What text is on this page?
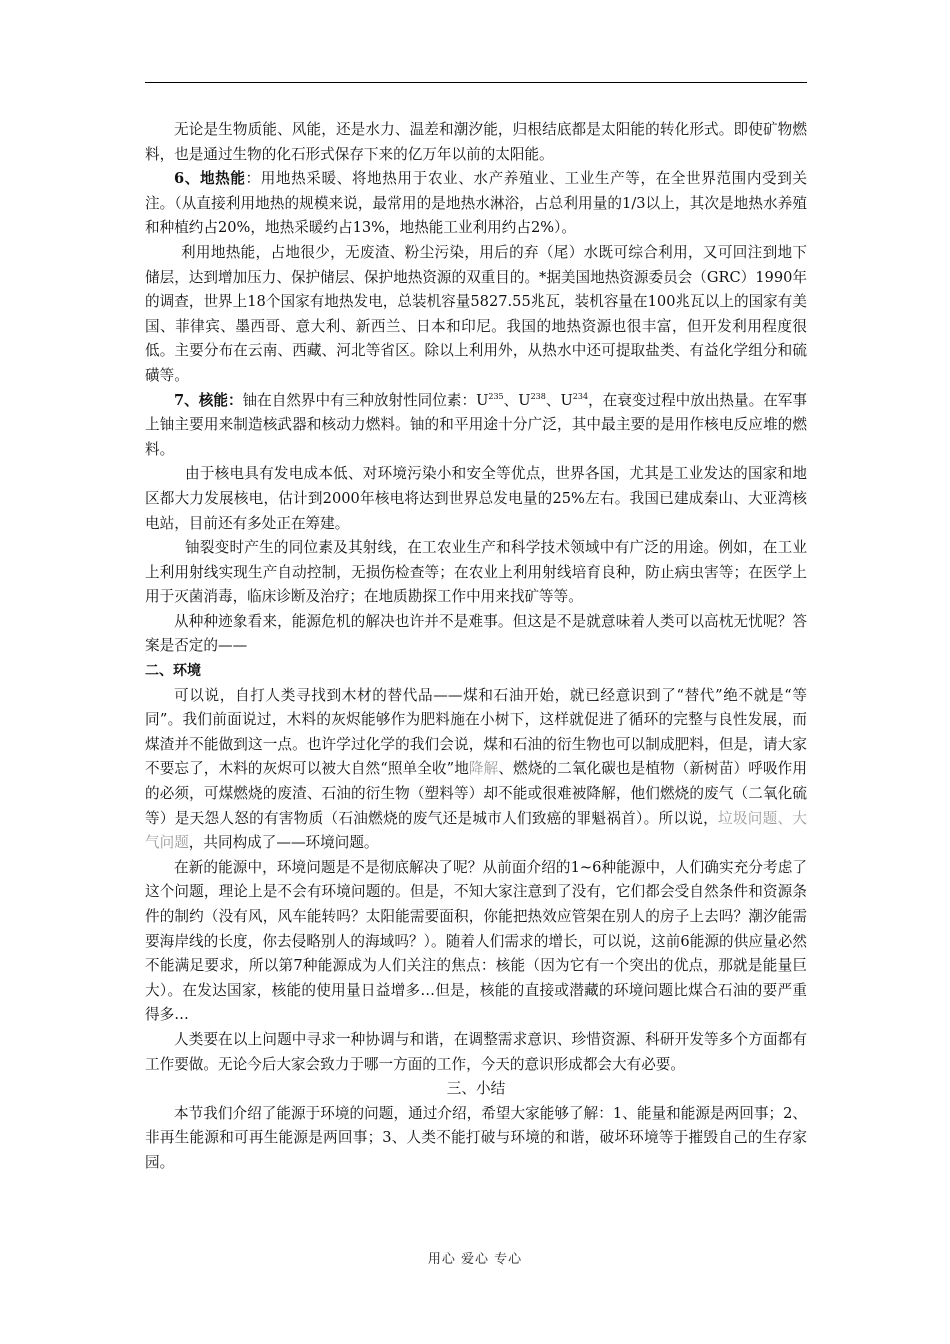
无论是生物质能、风能，还是水力、温差和潮汐能，归根结底都是太阳能的转化形式。即使矿物燃料，也是通过生物的化石形式保存下来的亿万年以前的太阳能。

6、地热能：用地热采暖、将地热用于农业、水产养殖业、工业生产等，在全世界范围内受到关注。（从直接利用地热的规模来说，最常用的是地热水淋浴，占总利用量的1/3以上，其次是地热水养殖和种植约占20%，地热采暖约占13%，地热能工业利用约占2%）。

利用地热能，占地很少，无废渣、粉尘污染，用后的弃（尾）水既可综合利用，又可回注到地下储层，达到增加压力、保护储层、保护地热资源的双重目的。*据美国地热资源委员会（GRC）1990年的调查，世界上18个国家有地热发电，总装机容量5827.55兆瓦，装机容量在100兆瓦以上的国家有美国、菲律宾、墨西哥、意大利、新西兰、日本和印尼。我国的地热资源也很丰富，但开发利用程度很低。主要分布在云南、西藏、河北等省区。除以上利用外，从热水中还可提取盐类、有益化学组分和硫磺等。

7、核能：铀在自然界中有三种放射性同位素：$U^{235}$、$U^{238}$、$U^{234}$，在衰变过程中放出热量。在军事上铀主要用来制造核武器和核动力燃料。铀的和平用途十分广泛，其中最主要的是用作核电反应堆的燃料。

由于核电具有发电成本低、对环境污染小和安全等优点，世界各国，尤其是工业发达的国家和地区都大力发展核电，估计到2000年核电将达到世界总发电量的25%左右。我国已建成秦山、大亚湾核电站，目前还有多处正在筹建。

铀裂变时产生的同位素及其射线，在工农业生产和科学技术领域中有广泛的用途。例如，在工业上利用射线实现生产自动控制，无损伤检查等；在农业上利用射线培育良种，防止病虫害等；在医学上用于灭菌消毒，临床诊断及治疗；在地质勘探工作中用来找矿等等。

从种种迹象看来，能源危机的解决也许并不是难事。但这是不是就意味着人类可以高枕无忧呢？答案是否定的——

二、环境

可以说，自打人类寻找到木材的替代品——煤和石油开始，就已经意识到了“替代”绝不就是“等同”。我们前面说过，木料的灰烬能够作为肥料施在小树下，这样就促进了循环的完整与良性发展，而煤渣并不能做到这一点。也许学过化学的我们会说，煤和石油的衍生物也可以制成肥料，但是，请大家不要忘了，木料的灰烬可以被大自然“照单全收”地降解、燃烧的二氧化碳也是植物（新树苗）呼吸作用的必须，可煤燃烧的废渣、石油的衍生物（塑料等）却不能或很难被降解，他们燃烧的废气（二氧化硫等）是天怨人怒的有害物质（石油燃烧的废气还是城市人们致癌的罪魁祸首）。所以说，垃圾问题、大气问题，共同构成了——环境问题。

在新的能源中，环境问题是不是彻底解决了呢？从前面介绍的1~6种能源中，人们确实充分考虑了这个问题，理论上是不会有环境问题的。但是，不知大家注意到了没有，它们都会受自然条件和资源条件的制约（没有风，风车能转吗？太阳能需要面积，你能把热效应管架在别人的房子上去吗？潮汐能需要海岸线的长度，你去侵略别人的海域吗？）。随着人们需求的增长，可以说，这前6能源的供应量必然不能满足要求，所以第7种能源成为人们关注的焦点：核能（因为它有一个突出的优点，那就是能量巨大）。在发达国家，核能的使用量日益增多…但是，核能的直接或潜藏的环境问题比煤合石油的要严重得多…

人类要在以上问题中寻求一种协调与和谐，在调整需求意识、珍惜资源、科研开发等多个方面都有工作要做。无论今后大家会致力于哪一方面的工作，今天的意识形成都会大有必要。

三、小结

本节我们介绍了能源于环境的问题，通过介绍，希望大家能够了解：1、能量和能源是两回事；2、非再生能源和可再生能源是两回事；3、人类不能打破与环境的和谐，破坏环境等于摧毁自己的生存家园。

用心 爱心 专心
